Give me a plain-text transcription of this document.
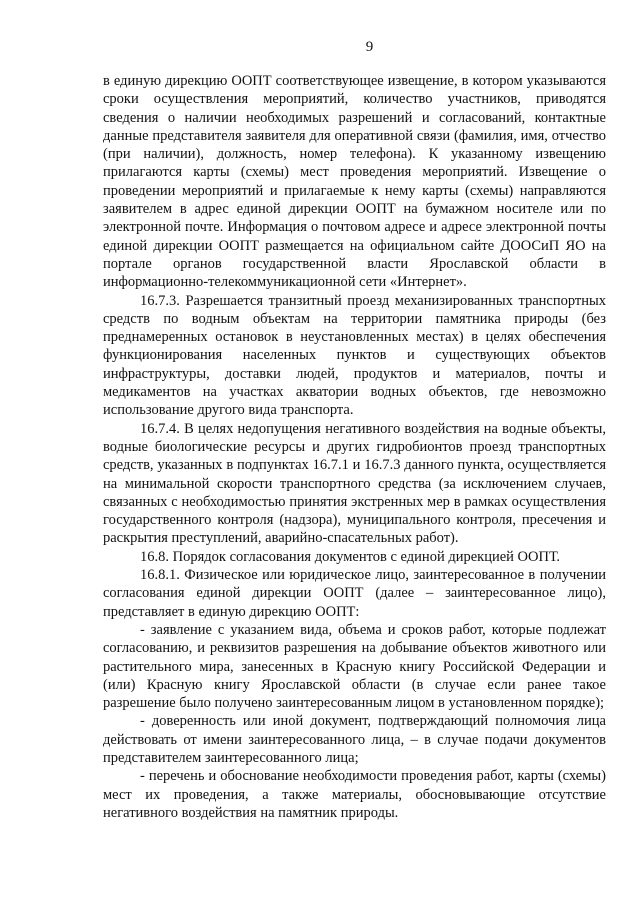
9

в единую дирекцию ООПТ соответствующее извещение, в котором указываются сроки осуществления мероприятий, количество участников, приводятся сведения о наличии необходимых разрешений и согласований, контактные данные представителя заявителя для оперативной связи (фамилия, имя, отчество (при наличии), должность, номер телефона). К указанному извещению прилагаются карты (схемы) мест проведения мероприятий. Извещение о проведении мероприятий и прилагаемые к нему карты (схемы) направляются заявителем в адрес единой дирекции ООПТ на бумажном носителе или по электронной почте. Информация о почтовом адресе и адресе электронной почты единой дирекции ООПТ размещается на официальном сайте ДООСиП ЯО на портале органов государственной власти Ярославской области в информационно-телекоммуникационной сети «Интернет».

16.7.3. Разрешается транзитный проезд механизированных транспортных средств по водным объектам на территории памятника природы (без преднамеренных остановок в неустановленных местах) в целях обеспечения функционирования населенных пунктов и существующих объектов инфраструктуры, доставки людей, продуктов и материалов, почты и медикаментов на участках акватории водных объектов, где невозможно использование другого вида транспорта.

16.7.4. В целях недопущения негативного воздействия на водные объекты, водные биологические ресурсы и других гидробионтов проезд транспортных средств, указанных в подпунктах 16.7.1 и 16.7.3 данного пункта, осуществляется на минимальной скорости транспортного средства (за исключением случаев, связанных с необходимостью принятия экстренных мер в рамках осуществления государственного контроля (надзора), муниципального контроля, пресечения и раскрытия преступлений, аварийно-спасательных работ).

16.8. Порядок согласования документов с единой дирекцией ООПТ.

16.8.1. Физическое или юридическое лицо, заинтересованное в получении согласования единой дирекции ООПТ (далее – заинтересованное лицо), представляет в единую дирекцию ООПТ:

- заявление с указанием вида, объема и сроков работ, которые подлежат согласованию, и реквизитов разрешения на добывание объектов животного или растительного мира, занесенных в Красную книгу Российской Федерации и (или) Красную книгу Ярославской области (в случае если ранее такое разрешение было получено заинтересованным лицом в установленном порядке);

- доверенность или иной документ, подтверждающий полномочия лица действовать от имени заинтересованного лица, – в случае подачи документов представителем заинтересованного лица;

- перечень и обоснование необходимости проведения работ, карты (схемы) мест их проведения, а также материалы, обосновывающие отсутствие негативного воздействия на памятник природы.
